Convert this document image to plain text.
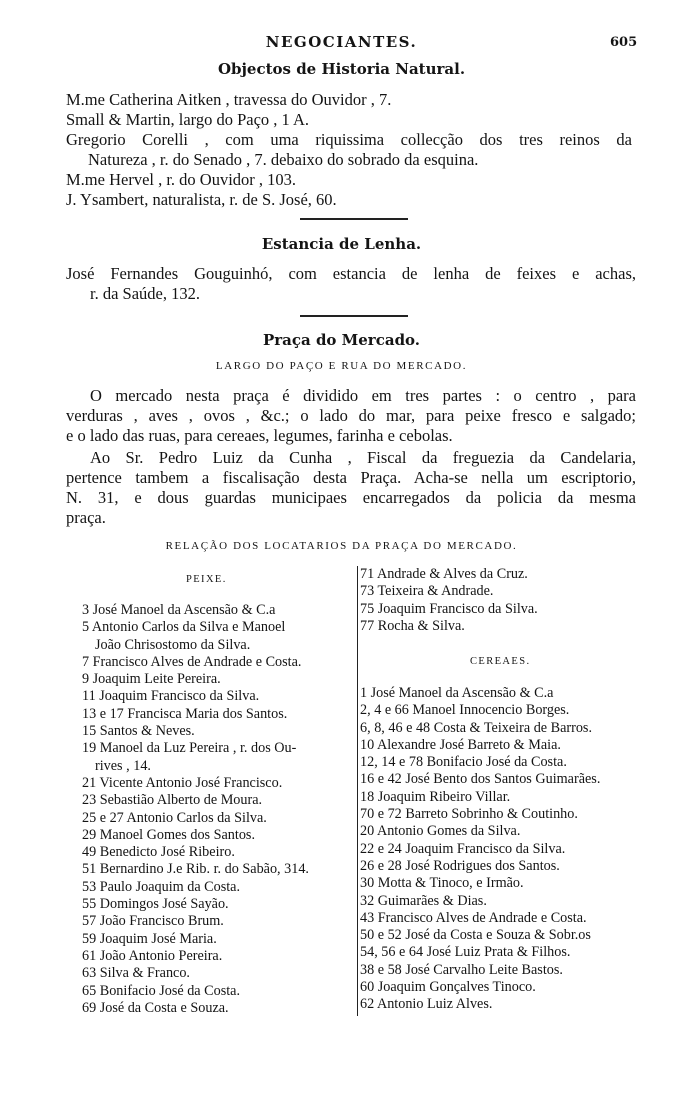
NEGOCIANTES.	605
Objectos de Historia Natural.
M.me Catherina Aitken , travessa do Ouvidor , 7.
Small & Martin, largo do Paço , 1 A.
Gregorio Corelli , com uma riquissima collecção dos tres reinos da
Natureza , r. do Senado , 7. debaixo do sobrado da esquina.
M.me Hervel , r. do Ouvidor , 103.
J. Ysambert, naturalista, r. de S. José, 60.
Estancia de Lenha.
José Fernandes Gouguinhó, com estancia de lenha de feixes e achas,
r. da Saúde, 132.
Praça do Mercado.
LARGO DO PAÇO E RUA DO MERCADO.
O mercado nesta praça é dividido em tres partes : o centro , para
verduras , aves , ovos , &c.; o lado do mar, para peixe fresco e salgado;
e o lado das ruas, para cereaes, legumes, farinha e cebolas.
Ao Sr. Pedro Luiz da Cunha , Fiscal da freguezia da Candelaria,
pertence tambem a fiscalisação desta Praça. Acha-se nella um escriptorio,
N. 31, e dous guardas municipaes encarregados da policia da mesma
praça.
RELAÇÃO DOS LOCATARIOS DA PRAÇA DO MERCADO.
PEIXE.
3 José Manoel da Ascensão & C.a
5 Antonio Carlos da Silva e Manoel
João Chrisostomo da Silva.
7 Francisco Alves de Andrade e Costa.
9 Joaquim Leite Pereira.
11 Joaquim Francisco da Silva.
13 e 17 Francisca Maria dos Santos.
15 Santos & Neves.
19 Manoel da Luz Pereira , r. dos Ou-
rives , 14.
21 Vicente Antonio José Francisco.
23 Sebastião Alberto de Moura.
25 e 27 Antonio Carlos da Silva.
29 Manoel Gomes dos Santos.
49 Benedicto José Ribeiro.
51 Bernardino J.e Rib. r. do Sabão, 314.
53 Paulo Joaquim da Costa.
55 Domingos José Sayão.
57 João Francisco Brum.
59 Joaquim José Maria.
61 João Antonio Pereira.
63 Silva & Franco.
65 Bonifacio José da Costa.
69 José da Costa e Souza.
71 Andrade & Alves da Cruz.
73 Teixeira & Andrade.
75 Joaquim Francisco da Silva.
77 Rocha & Silva.
CEREAES.
1 José Manoel da Ascensão & C.a
2, 4 e 66 Manoel Innocencio Borges.
6, 8, 46 e 48 Costa & Teixeira de Barros.
10 Alexandre José Barreto & Maia.
12, 14 e 78 Bonifacio José da Costa.
16 e 42 José Bento dos Santos Guimarães.
18 Joaquim Ribeiro Villar.
70 e 72 Barreto Sobrinho & Coutinho.
20 Antonio Gomes da Silva.
22 e 24 Joaquim Francisco da Silva.
26 e 28 José Rodrigues dos Santos.
30 Motta & Tinoco, e Irmão.
32 Guimarães & Dias.
43 Francisco Alves de Andrade e Costa.
50 e 52 José da Costa e Souza & Sobr.os
54, 56 e 64 José Luiz Prata & Filhos.
38 e 58 José Carvalho Leite Bastos.
60 Joaquim Gonçalves Tinoco.
62 Antonio Luiz Alves.
